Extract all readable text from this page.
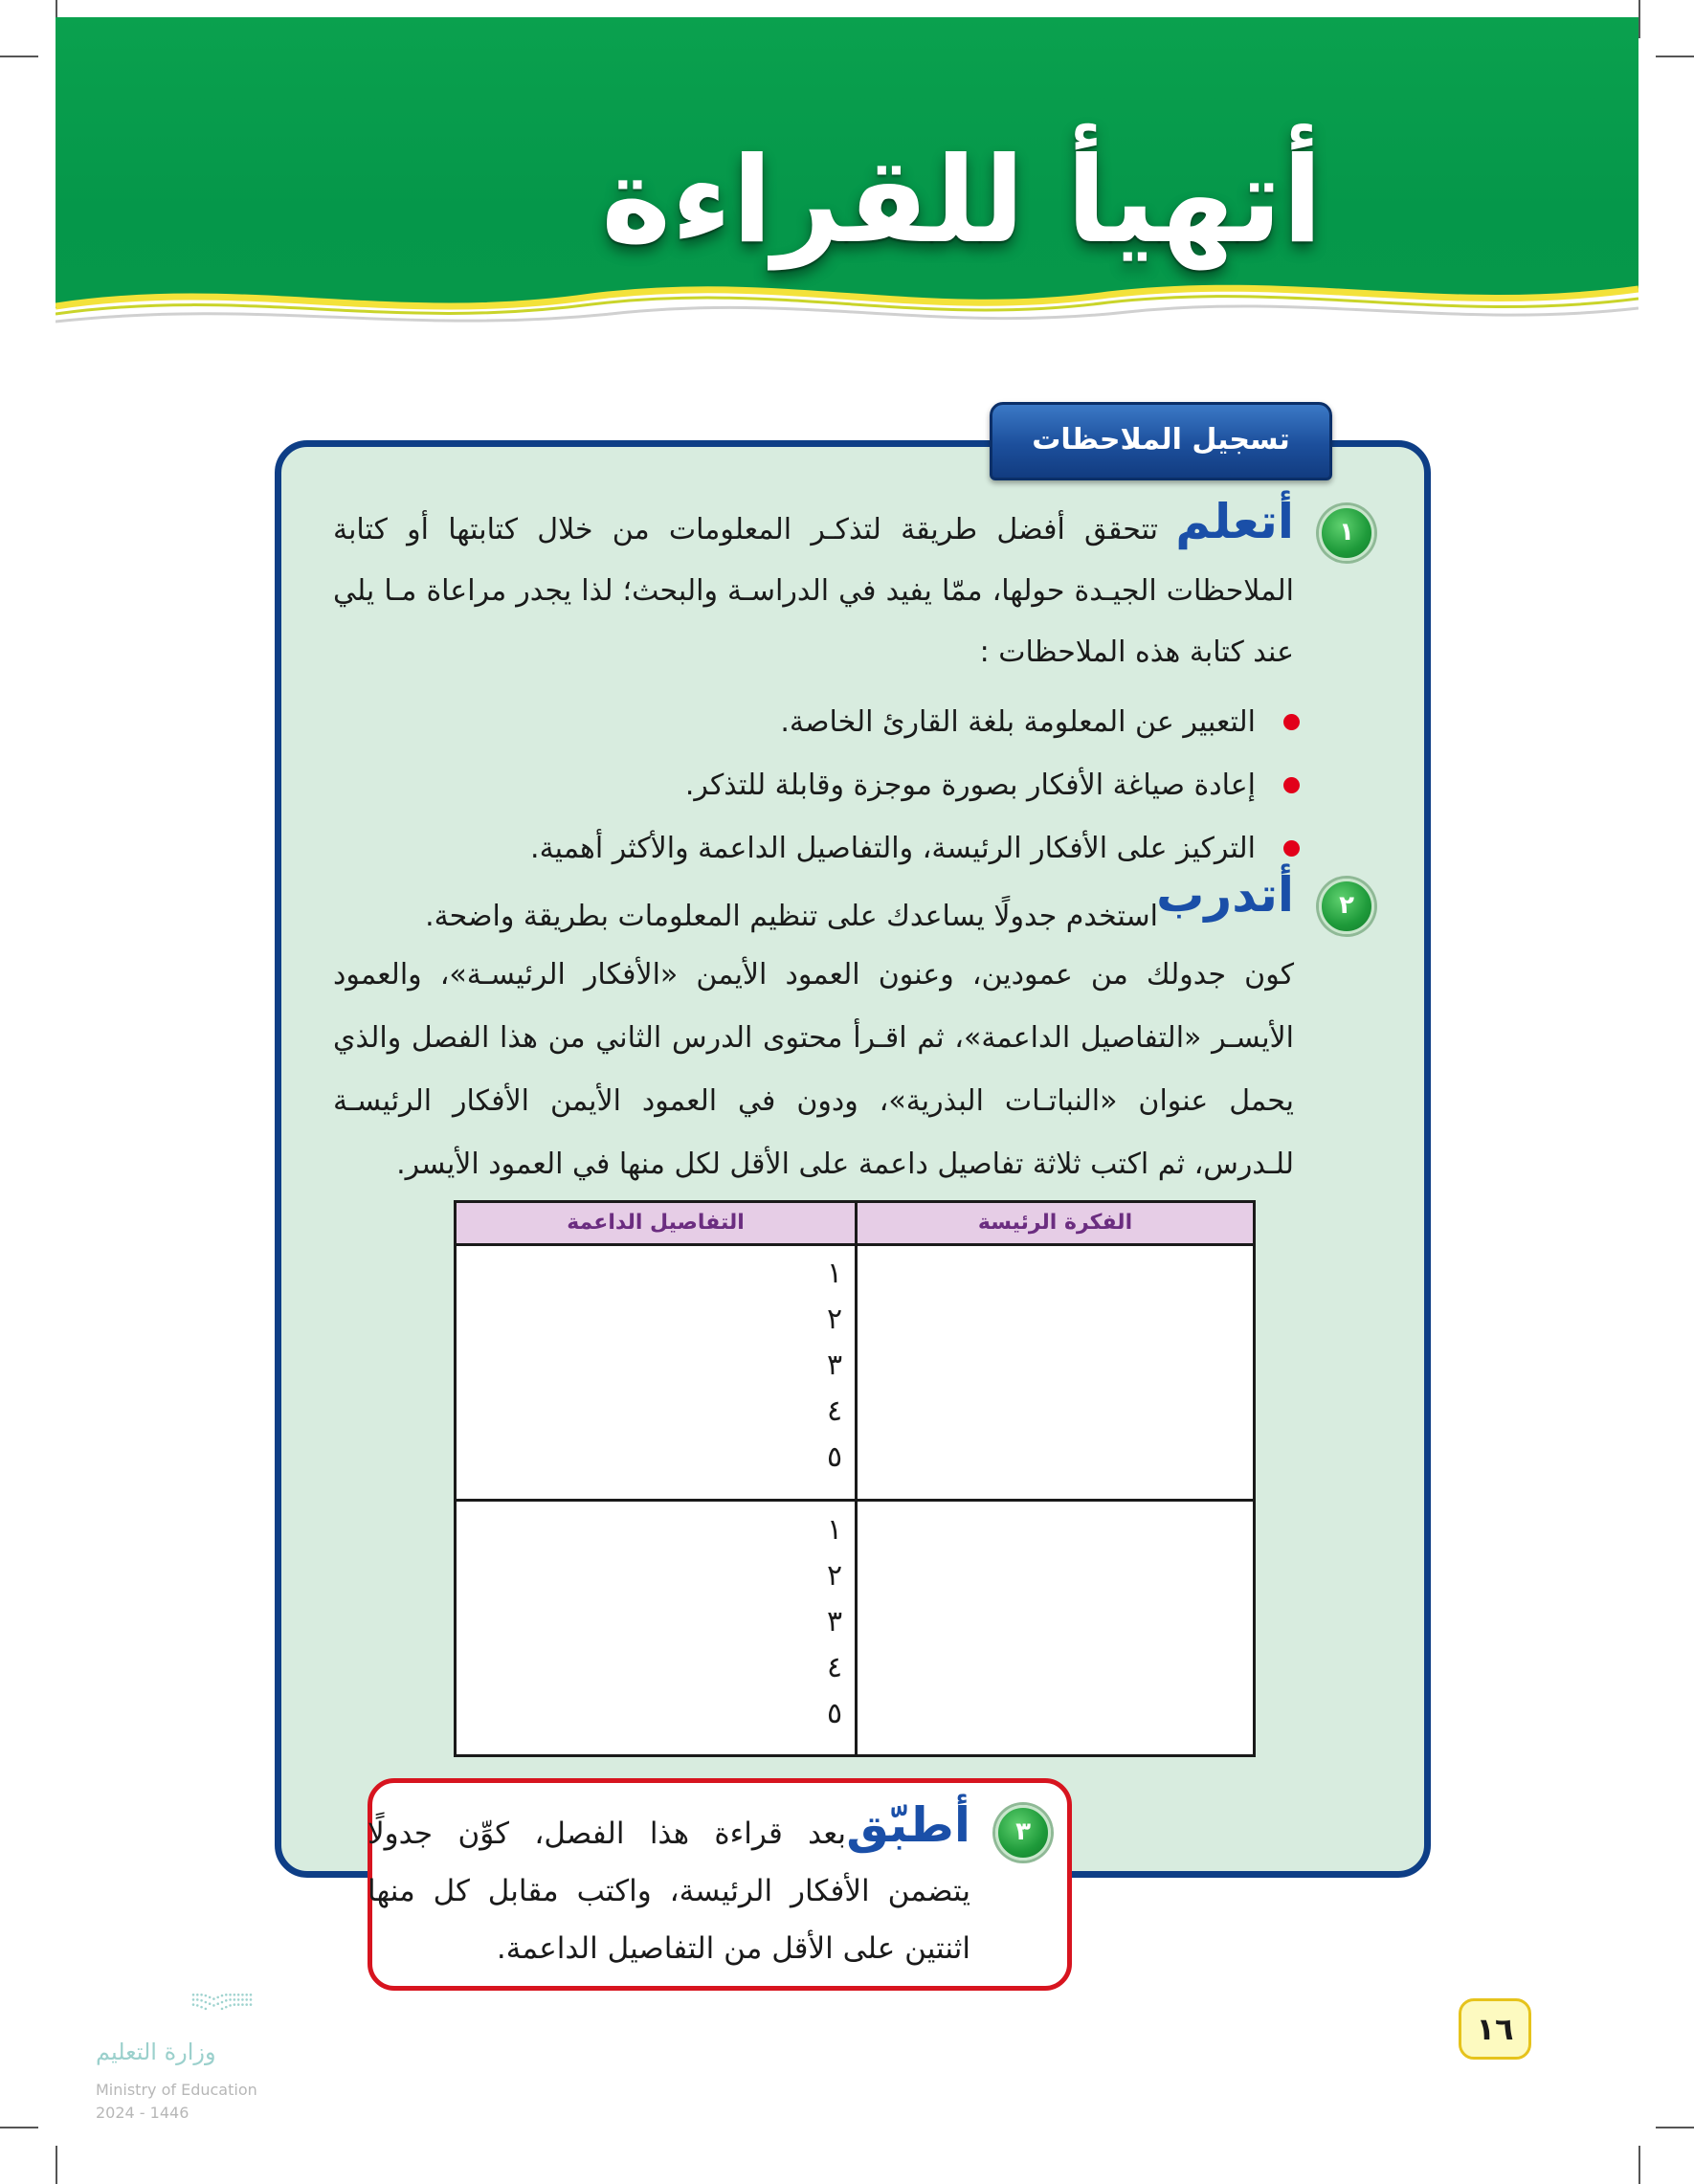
أتهيأ للقراءة
تسجيل الملاحظات
١
أتعلم
تتحقق أفضل طريقة لتذكـر المعلومات من خلال كتابتها أو كتابة الملاحظات الجيـدة حولها، ممّا يفيد في الدراسـة والبحث؛ لذا يجدر مراعاة مـا يلي عند كتابة هذه الملاحظات :
التعبير عن المعلومة بلغة القارئ الخاصة.
إعادة صياغة الأفكار بصورة موجزة وقابلة للتذكر.
التركيز على الأفكار الرئيسة، والتفاصيل الداعمة والأكثر أهمية.
٢
أتدرب
استخدم جدولًا يساعدك على تنظيم المعلومات بطريقة واضحة.
كون جدولك من عمودين، وعنون العمود الأيمن «الأفكار الرئيسـة»، والعمود الأيسـر «التفاصيل الداعمة»، ثم اقـرأ محتوى الدرس الثاني من هذا الفصل والذي يحمل عنوان «النباتـات البذرية»، ودون في العمود الأيمن الأفكار الرئيسـة للـدرس، ثم اكتب ثلاثة تفاصيل داعمة على الأقل لكل منها في العمود الأيسر.
الفكرة الرئيسة
التفاصيل الداعمة
١
٢
٣
٤
٥
١
٢
٣
٤
٥
٣
أطبّق
بعد قراءة هذا الفصل، كوِّن جدولًا يتضمن الأفكار الرئيسة، واكتب مقابل كل منها اثنتين على الأقل من التفاصيل الداعمة.
١٦
وزارة التعليم
Ministry of Education
2024 - 1446
